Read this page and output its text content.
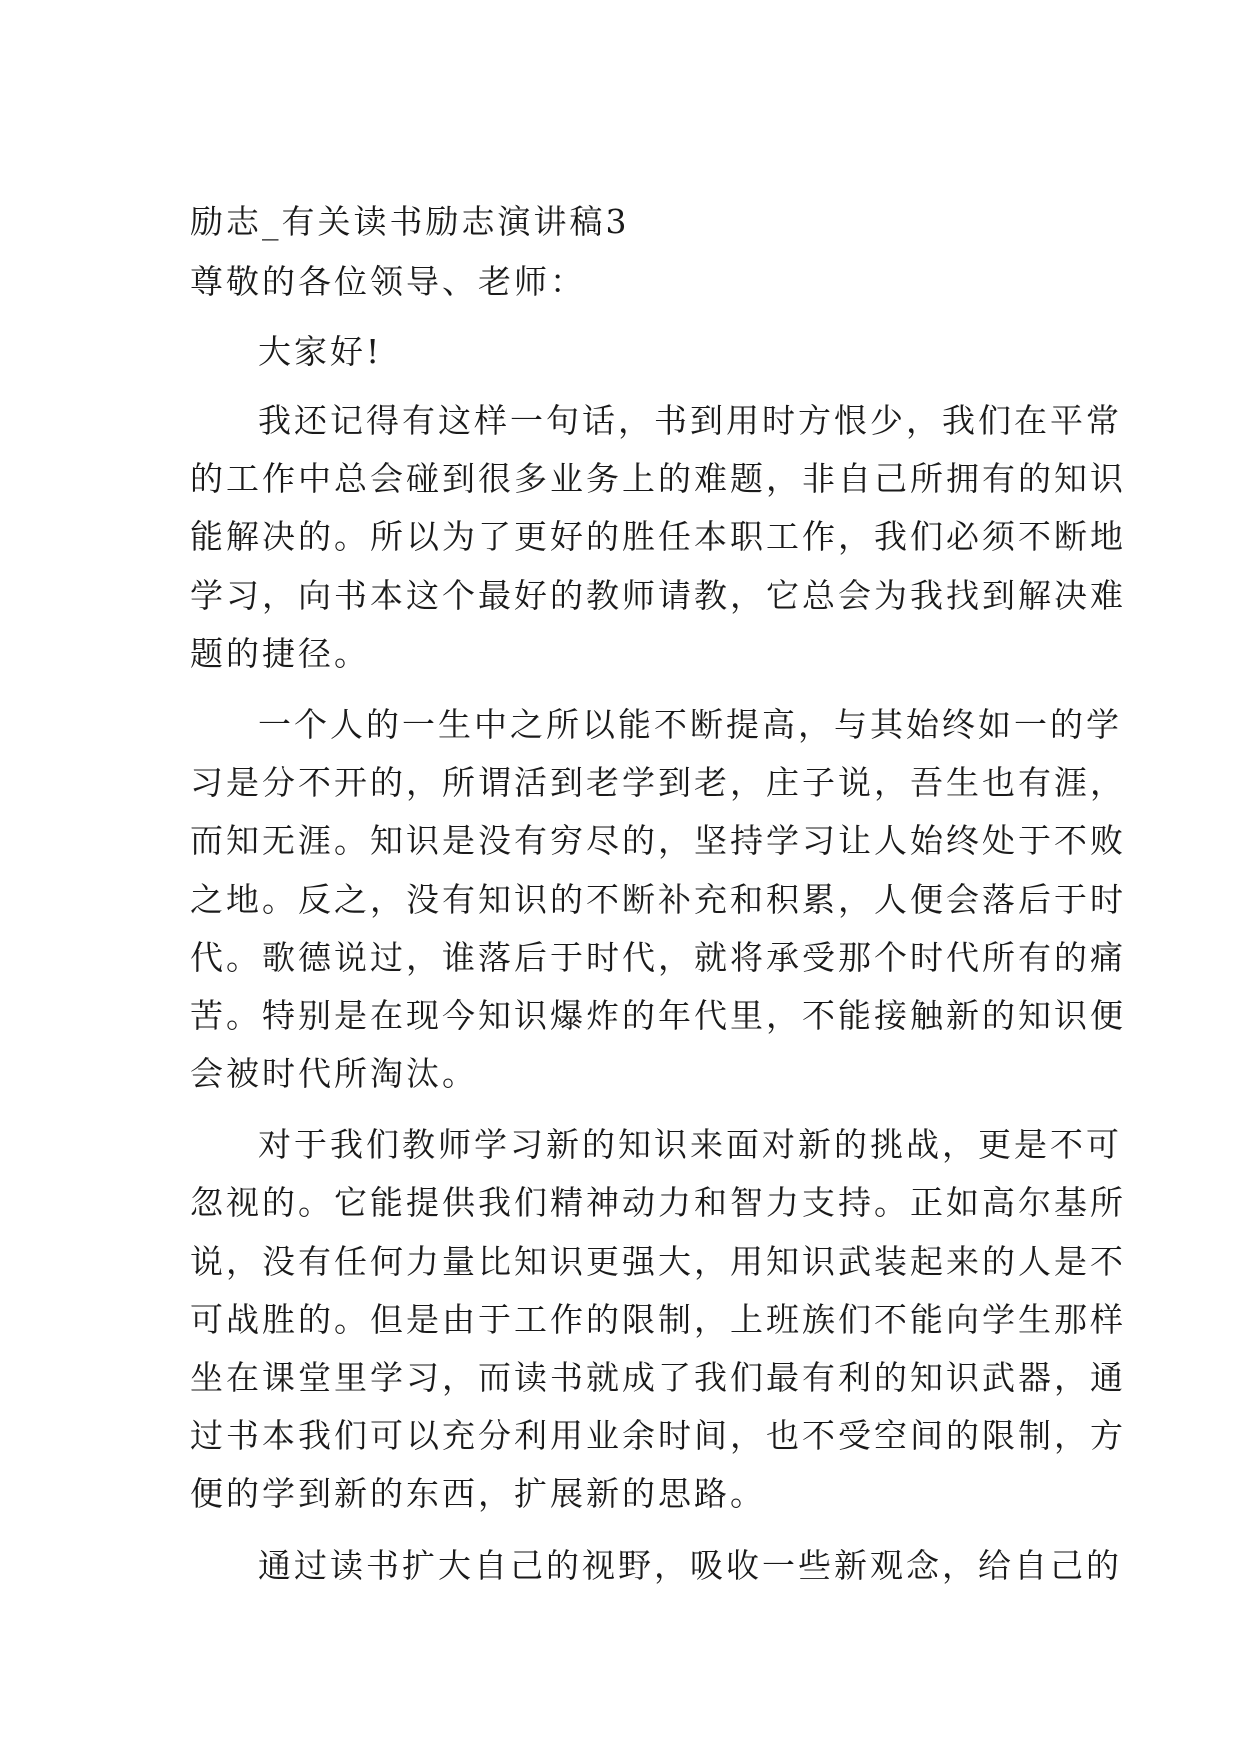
励志_有关读书励志演讲稿3
尊敬的各位领导、老师：
大家好!
我还记得有这样一句话，书到用时方恨少，我们在平常
的工作中总会碰到很多业务上的难题，非自己所拥有的知识
能解决的。所以为了更好的胜任本职工作，我们必须不断地
学习，向书本这个最好的教师请教，它总会为我找到解决难
题的捷径。
一个人的一生中之所以能不断提高，与其始终如一的学
习是分不开的，所谓活到老学到老，庄子说，吾生也有涯，
而知无涯。知识是没有穷尽的，坚持学习让人始终处于不败
之地。反之，没有知识的不断补充和积累，人便会落后于时
代。歌德说过，谁落后于时代，就将承受那个时代所有的痛
苦。特别是在现今知识爆炸的年代里，不能接触新的知识便
会被时代所淘汰。
对于我们教师学习新的知识来面对新的挑战，更是不可
忽视的。它能提供我们精神动力和智力支持。正如高尔基所
说，没有任何力量比知识更强大，用知识武装起来的人是不
可战胜的。但是由于工作的限制，上班族们不能向学生那样
坐在课堂里学习，而读书就成了我们最有利的知识武器，通
过书本我们可以充分利用业余时间，也不受空间的限制，方
便的学到新的东西，扩展新的思路。
通过读书扩大自己的视野，吸收一些新观念，给自己的
